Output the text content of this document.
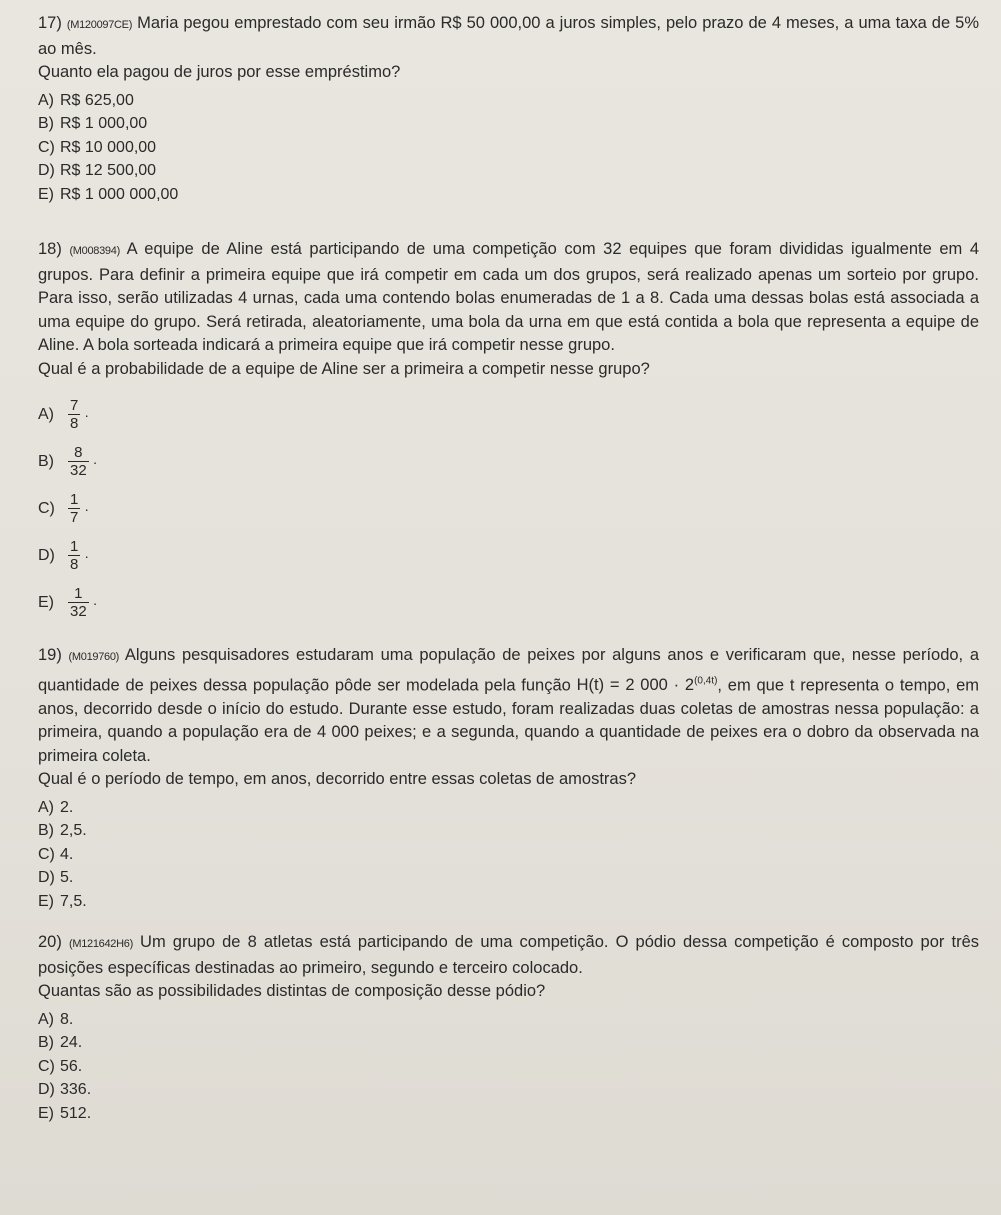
17) (M120097CE) Maria pegou emprestado com seu irmão R$ 50 000,00 a juros simples, pelo prazo de 4 meses, a uma taxa de 5% ao mês.

Quanto ela pagou de juros por esse empréstimo?

A) R$ 625,00
B) R$ 1 000,00
C) R$ 10 000,00
D) R$ 12 500,00
E) R$ 1 000 000,00

18) (M008394) A equipe de Aline está participando de uma competição com 32 equipes que foram divididas igualmente em 4 grupos. Para definir a primeira equipe que irá competir em cada um dos grupos, será realizado apenas um sorteio por grupo. Para isso, serão utilizadas 4 urnas, cada uma contendo bolas enumeradas de 1 a 8. Cada uma dessas bolas está associada a uma equipe do grupo. Será retirada, aleatoriamente, uma bola da urna em que está contida a bola que representa a equipe de Aline. A bola sorteada indicará a primeira equipe que irá competir nesse grupo.

Qual é a probabilidade de a equipe de Aline ser a primeira a competir nesse grupo?

$A) \frac{7}{8}$ ·
$B) \frac{8}{32}$ ·
$C) \frac{1}{7}$ ·
$D) \frac{1}{8}$ ·
$E) \frac{1}{32}$ ·

19) (M019760) Alguns pesquisadores estudaram uma população de peixes por alguns anos e verificaram que, nesse período, a quantidade de peixes dessa população pôde ser modelada pela função H(t) = 2 $000 \cdot 2^{(0,4t)}$, em que t representa o tempo, em anos, decorrido desde o início do estudo. Durante esse estudo, foram realizadas duas coletas de amostras nessa população: a primeira, quando a população era de 4 000 peixes; e a segunda, quando a quantidade de peixes era o dobro da observada na primeira coleta.

Qual é o período de tempo, em anos, decorrido entre essas coletas de amostras?

A) 2.
B) 2,5.
C) 4.
D) 5.
E) 7,5.

20) (M121642H6) Um grupo de 8 atletas está participando de uma competição. O pódio dessa competição é composto por três posições específicas destinadas ao primeiro, segundo e terceiro colocado.

Quantas são as possibilidades distintas de composição desse pódio?

A) 8.
B) 24.
C) 56.
D) 336.
E) 512.
